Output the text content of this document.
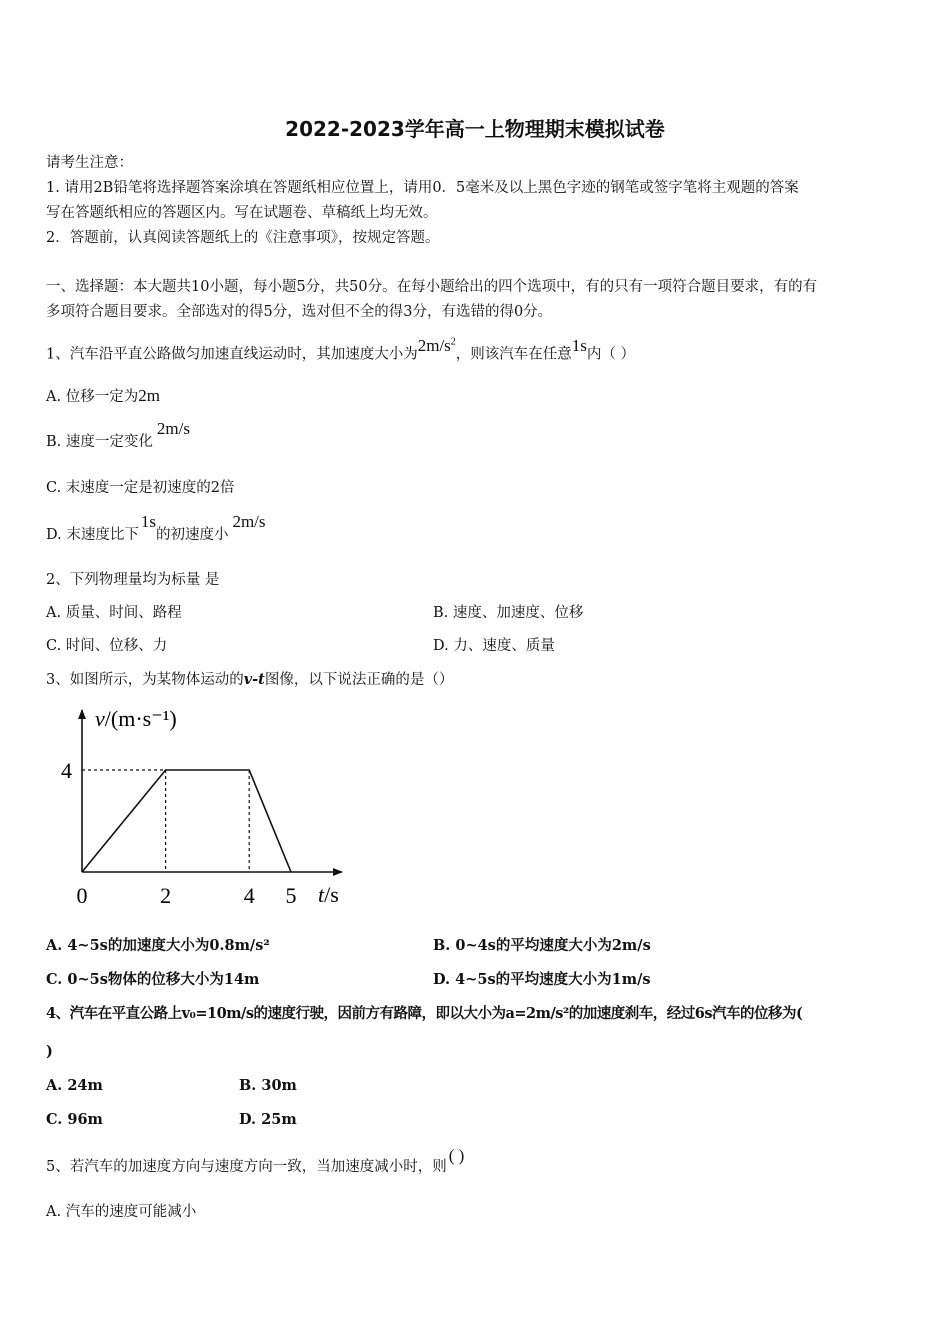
2022-2023学年高一上物理期末模拟试卷
请考生注意：
1. 请用2B铅笔将选择题答案涂填在答题纸相应位置上，请用0．5毫米及以上黑色字迹的钢笔或签字笔将主观题的答案
写在答题纸相应的答题区内。写在试题卷、草稿纸上均无效。
2．答题前，认真阅读答题纸上的《注意事项》，按规定答题。
一、选择题：本大题共10小题，每小题5分，共50分。在每小题给出的四个选项中，有的只有一项符合题目要求，有的有
多项符合题目要求。全部选对的得5分，选对但不全的得3分，有选错的得0分。
1、汽车沿平直公路做匀加速直线运动时，其加速度大小为$2m/s^2$，则该汽车在任意1s内（ ）
A. 位移一定为2m
B. 速度一定变化2m/s
C. 末速度一定是初速度的2倍
D. 末速度比下1s的初速度小2m/s
2、下列物理量均为标量 是
A. 质量、时间、路程	B. 速度、加速度、位移
C. 时间、位移、力	D. 力、速度、质量
3、如图所示，为某物体运动的v-t图像，以下说法正确的是（）
v/(m·s⁻¹)
t/s
0	2	4 5
4
A. 4~5s的加速度大小为0.8m/s²	B. 0~4s的平均速度大小为2m/s
C. 0~5s物体的位移大小为14m	D. 4~5s的平均速度大小为1m/s
4、汽车在平直公路上v₀=10m/s的速度行驶，因前方有路障，即以大小为a=2m/s²的加速度刹车，经过6s汽车的位移为(
)
A. 24m	B. 30m
C. 96m	D. 25m
5、若汽车的加速度方向与速度方向一致，当加速度减小时，则( )
A. 汽车的速度可能减小
